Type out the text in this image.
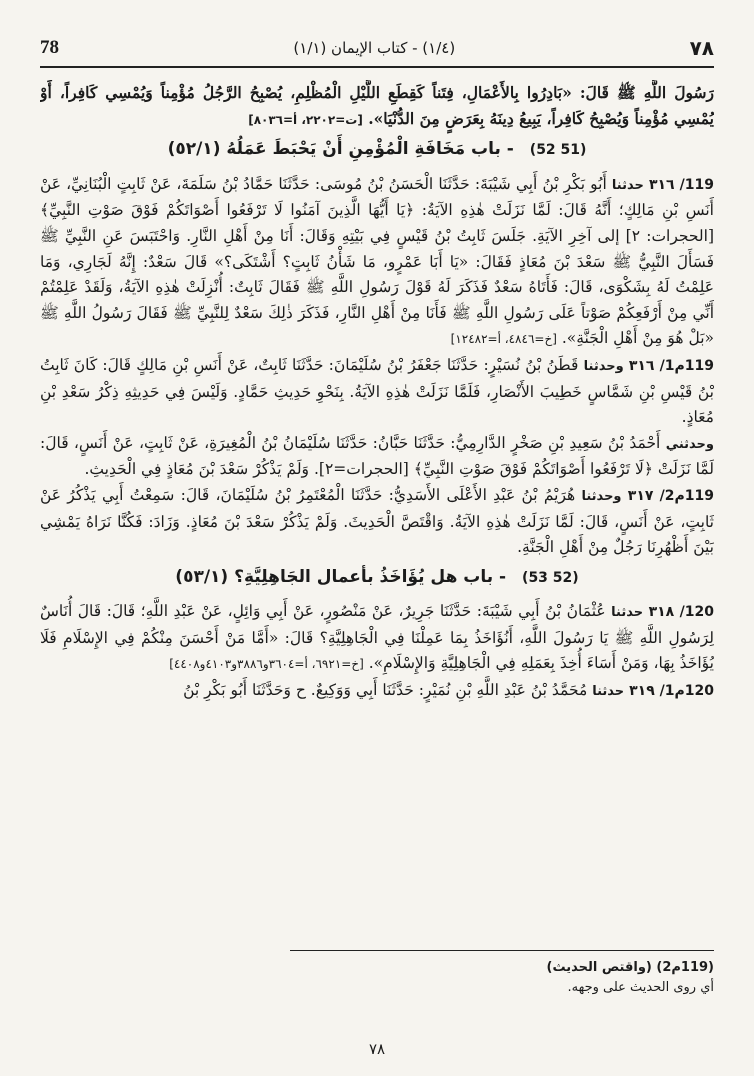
78	(١/٤) - كتاب الإيمان (١/١)	٧٨

رَسُولَ اللَّهِ ﷺ قَالَ: «بَادِرُوا بِالأَعْمَالِ، فِتَناً كَقِطَعِ اللَّيْلِ الْمُظْلِمِ، يُصْبِحُ الرَّجُلُ مُؤْمِناً وَيُمْسِي كَافِراً، أَوْ يُمْسِي مُؤْمِناً وَيُصْبِحُ كَافِراً، يَبِيعُ دِينَهُ بِعَرَضٍ مِنَ الدُّنْيَا». [ت=٢٢٠٢، أ=٨٠٣٦]

(51 ‏52) - باب مَخَافَةِ الْمُؤْمِنِ أَنْ يَحْبَطَ عَمَلُهُ (٥٢/١)

119/ ٣١٦ حدثنا أَبُو بَكْرِ بْنُ أَبِي شَيْبَةَ: حَدَّثَنَا الْحَسَنُ بْنُ مُوسَى: حَدَّثَنَا حَمَّادُ بْنُ سَلَمَةَ، عَنْ ثَابِتٍ الْبُنَانِيِّ، عَنْ أَنَسِ بْنِ مَالِكٍ؛ أَنَّهُ قَالَ: لَمَّا نَزَلَتْ هٰذِهِ الآيَةُ: ﴿يَا أَيُّهَا الَّذِينَ آمَنُوا لَا تَرْفَعُوا أَصْوَاتَكُمْ فَوْقَ صَوْتِ النَّبِيِّ﴾ [الحجرات: ٢] إلى آخِرِ الآيَةِ. جَلَسَ ثَابِتُ بْنُ قَيْسٍ فِي بَيْتِهِ وَقَالَ: أَنَا مِنْ أَهْلِ النَّارِ. وَاحْتَبَسَ عَنِ النَّبِيِّ ﷺ فَسَأَلَ النَّبِيُّ ﷺ سَعْدَ بْنَ مُعَاذٍ فَقَالَ: «يَا أَبَا عَمْرٍو، مَا شَأْنُ ثَابِتٍ؟ أَشْتَكَى؟» قَالَ سَعْدٌ: إِنَّهُ لَجَارِي، وَمَا عَلِمْتُ لَهُ بِشَكْوَى، قَالَ: فَأَتَاهُ سَعْدٌ فَذَكَرَ لَهُ قَوْلَ رَسُولِ اللَّهِ ﷺ فَقَالَ ثَابِتٌ: أُنْزِلَتْ هٰذِهِ الآيَةُ، وَلَقَدْ عَلِمْتُمْ أَنِّي مِنْ أَرْفَعِكُمْ صَوْتاً عَلَى رَسُولِ اللَّهِ ﷺ فَأَنَا مِنْ أَهْلِ النَّارِ، فَذَكَرَ ذٰلِكَ سَعْدٌ لِلنَّبِيِّ ﷺ فَقَالَ رَسُولُ اللَّهِ ﷺ «بَلْ هُوَ مِنْ أَهْلِ الْجَنَّةِ». [خ=٤٨٤٦، أ=١٢٤٨٢]

119م1/ ٣١٦ وحدثنا قَطَنُ بْنُ نُسَيْرٍ: حَدَّثَنَا جَعْفَرُ بْنُ سُلَيْمَانَ: حَدَّثَنَا ثَابِتٌ، عَنْ أَنَسِ بْنِ مَالِكٍ قَالَ: كَانَ ثَابِتُ بْنُ قَيْسِ بْنِ شَمَّاسٍ خَطِيبَ الأَنْصَارِ، فَلَمَّا نَزَلَتْ هٰذِهِ الآيَةُ. بِنَحْوِ حَدِيثِ حَمَّادٍ. وَلَيْسَ فِي حَدِيثِهِ ذِكْرُ سَعْدِ بْنِ مُعَاذٍ.

وحدثني أَحْمَدُ بْنُ سَعِيدِ بْنِ صَخْرٍ الدَّارِمِيُّ: حَدَّثَنَا حَبَّانُ: حَدَّثَنَا سُلَيْمَانُ بْنُ الْمُغِيرَةِ، عَنْ ثَابِتٍ، عَنْ أَنَسٍ، قَالَ: لَمَّا نَزَلَتْ ﴿لَا تَرْفَعُوا أَصْوَاتَكُمْ فَوْقَ صَوْتِ النَّبِيِّ﴾ [الحجرات=٢]. وَلَمْ يَذْكُرْ سَعْدَ بْنَ مُعَاذٍ فِي الْحَدِيثِ.

119م2/ ٣١٧ وحدثنا هُرَيْمُ بْنُ عَبْدِ الأَعْلَى الأَسَدِيُّ: حَدَّثَنَا الْمُعْتَمِرُ بْنُ سُلَيْمَانَ، قَالَ: سَمِعْتُ أَبِي يَذْكُرُ عَنْ ثَابِتٍ، عَنْ أَنَسٍ، قَالَ: لَمَّا نَزَلَتْ هٰذِهِ الآيَةُ. وَاقْتَصَّ الْحَدِيثَ. وَلَمْ يَذْكُرْ سَعْدَ بْنَ مُعَاذٍ. وَزَادَ: فَكُنَّا نَرَاهُ يَمْشِي بَيْنَ أَظْهُرِنَا رَجُلٌ مِنْ أَهْلِ الْجَنَّةِ.

(52 ‏53) - باب هل يُؤَاخَذُ بأعمال الجَاهِلِيَّةِ؟ (٥٣/١)

120/ ٣١٨ حدثنا عُثْمَانُ بْنُ أَبِي شَيْبَةَ: حَدَّثَنَا جَرِيرٌ، عَنْ مَنْصُورٍ، عَنْ أَبِي وَائِلٍ، عَنْ عَبْدِ اللَّهِ؛ قَالَ: قَالَ أُنَاسٌ لِرَسُولِ اللَّهِ ﷺ يَا رَسُولَ اللَّهِ، أَنُؤَاخَذُ بِمَا عَمِلْنَا فِي الْجَاهِلِيَّةِ؟ قَالَ: «أَمَّا مَنْ أَحْسَنَ مِنْكُمْ فِي الإِسْلَامِ فَلَا يُؤَاخَذُ بِهَا، وَمَنْ أَسَاءَ أُخِذَ بِعَمَلِهِ فِي الْجَاهِلِيَّةِ وَالإِسْلَامِ». [خ=٦٩٢١، أ=٣٦٠٤و٣٨٨٦و٤١٠٣و٤٤٠٨]

120م1/ ٣١٩ حدثنا مُحَمَّدُ بْنُ عَبْدِ اللَّهِ بْنِ نُمَيْرٍ: حَدَّثَنَا أَبِي وَوَكِيعٌ. ح وَحَدَّثَنَا أَبُو بَكْرِ بْنُ

(119م2) (واقتص الحديث)
أي روى الحديث على وجهه.
٧٨
